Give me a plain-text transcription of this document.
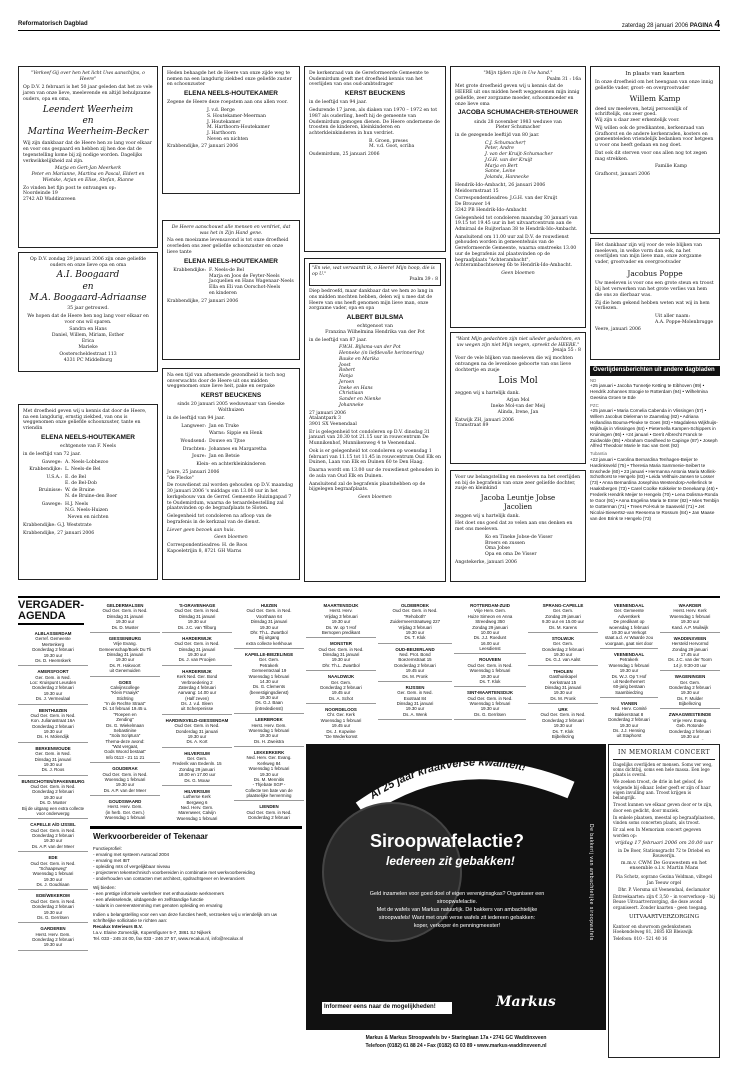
Reformatorisch Dagblad	zaterdag 28 januari 2006 PAGINA 4
"Verkeef Gij over hen het licht Uws aanschijns, o Heere"
Op D.V. 2 februari is het 50 jaar geleden dat het zo vele jaren van onze lieve, meelevende en altijd behulpzame ouders, opa en oma,
Leendert Weerheim
en
Martina Weerheim-Becker
Wij zijn dankbaar dat de Heere hen zo lang voor elkaar en voor ons gespaard en hebben zij hen doe dat de tegenstelling kome bij zij nodige worden. Dagelijks verkwikkelijkheid zal zijn.
Marja en Gert-Jan Meerkerk
Peter en Marianne, Martina en Pascal, Eldert en Wietske, Arjan en Elise, Stefan, Rianne
Zo vinden het fijn post te ontvangen op:
Noordeinde 19
2742 AD Waddinxveen
Op D.V. zondag 29 januari 2006 zijn onze geliefde ouders en onze lieve opa en oma
A.I. Boogaard
en
M.A. Boogaard-Adriaanse
35 jaar getrouwd.
We hopen dat de Heere hen nog lang voor elkaar en voor ons wil sparen.
Sandra en Hans
Daniel, Willem, Miriam, Esther
Erica
Marieke
Oosterscheldestraat 113
4331 PC Middelburg
Met droefheid geven wij u kennis dat door de Heere, na een langdurig, ernstig ziekbed, van ons is weggenomen onze geliefde schoonzuster, tante en vriendin
ELENA NEELS-HOUTEKAMER
echtgenote van F. Neels
in de leeftijd van 72 jaar.
Gawege: A. Neels-Lobbezoo
Krabbendijke: L. Neels-de Bel
U.S.A.: E. de Bel
E. de Bel-Dob
Bruinisse: W. de Bruine
N. de Bruine-den Boer
Gawege: H.J. Neels
N.G. Neels-Huizen
Neven en nichten
Krabbendijke: G.J. Weststrate
Krabbendijke, 27 januari 2006
Heden behaagde het de Heere van onze zijde weg te nemen na een langdurig ziekbed onze geliefde zuster en schoonzuster
ELENA NEELS-HOUTEKAMER
Zegene de Heere deze roepstem aan ons allen voor.
J. v.d. Berge
S. Houtekamer-Meerman
J. Houtekamer
M. Harthoorn-Houtekamer
J. Harthoorn
Neven en nichten
Krabbendijke, 27 januari 2006
De Heere aanschouwt alle mensen en verdriet, dat was het in Zijn Hand gene.
Na een moeizame levensavond is tot onze droefheid overleden ons zeer geliefde schoonzuster en onze lieve tante
ELENA NEELS-HOUTEKAMER
Krabbendijke: F. Neels-de Bel
Marja en Joos de Feyter-Neels
Jacquelien en Hans Wagenaar-Neels
Ella en Eli van Oorschot-Neels
en kinderen
Krabbendijke, 27 januari 2006
Na een tijd van afnemende gezondheid is toch nog onverwachts door de Heere uit ons midden weggenomen onze lieve heit, pake en oerpake
KERST BEUCKENS
sinds 20 januari 2005 weduwnaar van Geeske Wolthuizen
in de leeftijd van 94 jaar.
Langweer: Jan en Truke
Warns: Sippie en Henk
Woudsend: Douwe en Tjtse
Drachten: Johannes en Margaretha
Joure: Jan en Betsie
Klein- en achterkleinkinderen
Joure, 25 januari 2006
"de Flecke"
De rouwdienst zal worden gehouden op D.V. maandag 30 januari 2006 's middags om 13.00 uur in het kerkgebouw van de Gerref. Gemeente Huizingapad 7 te Oudemirdum, waarna de teraardebestelling zal plaatsvinden op de begraafplaats te Sloten.
Gelegenheid tot condoleren na afloop van de begrafenis in de kerkzaal van de dienst.
Liever geen bezoek aan huis.
Geen bloemen
Correspondentieadres: H. de Roos
Kapoeletrijin 8, 8721 GH Warns
De kerkenraad van de Gereformeerde Gemeente te Oudemirdum geeft met droefheid kennis van het overlijden van ons oud-ambtsdrager
KERST BEUCKENS
in de leeftijd van 94 jaar.
Gedurende 17 jaren, als diaken van 1970 – 1972 en tot 1987 als ouderling, heeft hij de gemeente van Oudemirdum gemogen dienen. De Heere onderneme de troosten de kinderen, kleinkinderen en achterkleinkinderen in hun verdriet.
B. Groen, preses
M. v.d. Goot, scriba
Oudemirdum, 25 januari 2006
"En wie, wat vervaardt ik, o Heere! Mijn hoop, die is op U."
Psalm 39 : 8
Diep bedroefd, maar dankbaar dat we hem zo lang in ons midden mochten hebben, delen wij u mee dat de Heere van ons heeft genomen mijn lieve man, onze zorgzame vader, opa en opa
ALBERT BIJLSMA
echtgenoot van
Franzina Wilhelmina Hendrika van der Pot
in de leeftijd van 87 jaar.
F.W.H. Bijlsma-van der Pot
Henneke (in liefdevolle herinnering)
Bauke en Marika
Joost
Robert
Nanja
Jeroen
Ineke en Hans
Christiaan
Sander en Nienke
Johanneke
27 januari 2006
Atalantpark 3
3901 SX Veenendaal
Er is gelegenheid tot condoleren op D.V. dinsdag 31 januari van 20.30 tot 21.15 uur in rouwcentrum De Munnikenhof, Munnikenweg 4 te Veenendaal.
Ook is er gelegenheid tot condoleren op woensdag 1 februari van 11.15 tot 11.45 in rouwcentrum Oud Elk en Duinen, Laan van Elk en Duinen 60 te Den Haag.
Daarna wordt om 13.00 uur de rouwdienst gehouden in de aula van Oud Elk en Duinen.
Aansluitend zal de begrafenis plaatshebben op de bijgelegen begraafplaats.
Geen bloemen
"Mijn tijden zijn in Uw hand."
Psalm 31 : 16a
Met grote droefheid geven wij u kennis dat de HEERE uit ons midden heeft weggenomen mijn innig geliefde, zeer zorgzame moeder, schoonmoeder en onze lieve oma
JACOBA SCHUMACHER-STEHOUWER
sinds 28 november 1983 weduwe van
Pieter Schumacher
in de gezegende leeftijd van 80 jaar.
C.J. Schumacher†
Peter, Andre
J. van der Kruijt-Schumacher
J.G.H. van der Kruijt
Marja en Bert
Sanne, Leine
Jolanda, Hannecke
Hendrik-Ido-Ambacht, 26 januari 2006
Meidoornstraat 15
Correspondentieadres: J.G.H. van der Kruijt
De Brouwer 14
3342 PB Hendrik-Ido-Ambacht
Gelegenheid tot condoleren maandag 30 januari van 19.15 tot 19.45 uur in het uitvaartcentrum aan de Admiraal de Ruijterlaan 38 te Hendrik-Ido-Ambacht.
Aansluitend om 11.00 uur zal D.V. de rouwdienst gehouden worden in gemeentehuis van de Gereformeerde Gemeente, waarna omstreeks 13.00 uur de begrafenis zal plaatsvinden op de begraafplaats "Achterambacht", Achterambachtseweg 6b te Hendrik-Ido-Ambacht.
Geen bloemen
"Want Mijn gedachten zijn niet ulieder gedachten, en uw wegen zijn niet Mijn wegen, spreekt de HEERE."
Jesaja 55 : 8
Voor de vele blijken van meeleven die wij mochten ontvangen na de levenlose geboorte van ons lieve dochtertje en zusje
Lois Mol
zeggen wij u hartelijk dank.
Arjan Mol
Ineke Mol-van der Meij
Alinda, Irene, Jan
Katwijk ZH, januari 2006
Tramstraat 89
Voor uw belangstelling en meeleven na het overlijden en bij de begrafenis van onze zeer geliefde dochter, zusje en kleinkind
Jacoba Leuntje Jobse
Jacolien
zeggen wij u hartelijk dank.
Het doet ons goed dat zo velen aan ons denken en met ons meeleven.
Ko en Tineke Jobse-de Visser
Broers en zussen
Oma Jobse
Opa en oma De Visser
Angstekerke, januari 2006
In plaats van kaarten
In onze droefheid om het heengaan van onze innig geliefde vader, groot- en overgrootvader
Willem Kamp
deed uw meeleven, hetzij persoonlijk of schriftelijk, ons zeer goed.
Wij zijn u daar zeer erkentelijk voor.
Wij willen ook de predikanten, kerkenraad van Grafhorst en de andere kerkenraden, kosters en gemeenteleden vriendelijk bedanken voor hetgeen u voor ons heeft gedaan en nog doet.
Dat ook dit sterven voor ons allen nog tot zegen mag strekken.
Familie Kamp
Grafhorst, januari 2006
Het dankbaar zijn wij voor de vele blijken van meeleven, in welke vorm dan ook, na het overlijden van mijn lieve man, onze zorgzame vader, grootvader en overgrootvader
Jacobus Poppe
Uw meeleven is voor ons een grote steun en troost bij het verwerken van het grote verlies van hem die ons zo dierbaar was.
Zij die hem gekend hebben weten wat wij in hem verliezen.
Uit aller naam:
A.A. Poppe-Molenbrugge
Veere, januari 2006
Overlijdensberichten uit andere dagbladen
ND
+25 januari • Jacoba Tunnetje Ketting te Eibhoven (89) • Hendrik Johannes Stoogie te Rotterdam (94) • Wilhelmina Geesina Groen te Ede
PZC
+25 januari • Maria Cornelia Cabenda in Vlissingen (57) • Willem Jacobus Dieleman te Zaamslag (82) • Adriana Hollandina Bouma-Pleuke te Goes (83) • Magdalena Wijkhuijs-Wijkhuijs in Vlissingen (84) • Pieternella Kampen-Schippers in Kruiningen (86) • +24 januari • Gerrit Albrecht Franck te Zuidwolde (85) • Abraham Goedheed te Capinge (87) • Joseph Alfred Theodoor Marie le Sac van Gent (92)
Tubantia
+22 januari • Carolina Bernardina Tenhagen-Beijer te Hardinksveld (75) • Theresia Maria Sammenie-Seibert te Enschede (60) • 23 januari • Hermanna Antonia Maria Mollink-Schothorst te Hengelo (83) • Leida Velthuis-Jansen te Losser (73) • Anna Bernardina Josephina Westendorp-Aellerlinck te Haaksbergen (73) • Carel Coolke Kokkeler te Denekamp (46) • Frederik Hendrik Meijer te Hengelo (70) • Lena Dolisma-Ronda te Goor (91) • Anna Engelina Maria te Enter (82) • Mies Tembijn te Gotterman (71) • Trees Pol-Kuk te Saasveld (71) • Jet Nicolai-Siewertsz-van Reesema te Rossum (84) • Jan Maase van den Brink te Hengelo (73)
VERGADER-AGENDA
ALBLASSERDAM
Gerref. Gemeente
Mertenkerg
Donderdag 2 februari
19.30 uur
Ds. D. Heemskerk
AMERSFOORT
Ger. Gem. in Ned.
Loc: Kruispunt Leusden
Donderdag 2 februari
19.30 uur
Ds. J. Vermeulaal
BENTHUIZEN
Oud Ger. Gem. in Ned.
Kon. Julianastraat 16A
Donderdag 2 februari
19.30 uur
Ds. H. Molendijk
BERKENWOUDE
Ger. Gem. in Ned.
Dinsdag 31 januari
19.30 uur
Ds. J. Roos
BUNSCHOTEN/SPAKENBURG
Oud Ger. Gem. in Ned.
Donderdag 2 februari
19.30 uur
Ds. D. Muster
Bij de uitgang een extra collecte voor onderwerpg
CAPELLE A/D IJSSEL
Oud Ger. Gem. in Ned.
Donderdag 2 februari
19.30 uur
Ds. A.P. van der Meer
EDE
Oud Ger. Gem. in Ned.
"Schaapsweg"
Woensdag 1 februari
19.30 uur
Ds. J. Goudriaan
EDE/WEKEROM
Oud Ger. Gem. in Ned.
Donderdag 2 februari
19.30 uur
Ds. G. Gerritsen
GARDEREN
Herst. Herv. Gem.
Donderdag 2 februari
19.30 uur
GELDERMALSEN
Oud Ger. Gem. in Ned.
Dinsdag 31 januari
19.30 uur
Ds. D. Muster
GIESSENBURG
Vrije Evang.
Gemeenschap/Boek Du Tli
Dinsdag 31 januari
19.30 uur
Ds. R. Hakvoort
uit Genemuiden
GOES
Calvijnscollege
"Klein Fraaiyk"
Stichting
"In de Rechte Straat"
Di. 14 februari 19.45 u.
"Roepen en
Zending"
Ds. G. Wiekelmaan
Sebastinine
"Sola Scriptura"
Thema-deze avond:
"Wat vergaat,
Gods Woord bestaat"
Info 0113 - 21 11 21
GOUDERAK
Oud Ger. Gem. in Ned.
Woensdag 1 februari
19.30 uur
Ds. A.P. van der Meer
GOUDSWAARD
Herst. Herv. Gem.
(in herb. Ger. Gem.)
Woensdag 1 februari

'S-GRAVENHAGE
Oud Ger. Gem. in Ned.
Dinsdag 31 januari
19.30 uur
Ds. J.C. van Tilburg
HARDERWIJK
Oud Ger. Gem. in Ned.
Dinsdag 31 januari
19.30 uur
Ds. J. van Prooijen
HARDERWIJK
Kerk Ned. Ger. Bond
Verbroedering 2
Zaterdag 4 februari
Aanvang: 14.00 uur
(Half zeven)
Ds. J. v.d. Sleen
uit Scherpenisse
HARDINXVELD-GIESSENDAM
Oud Ger. Gem. in Ned.
Donderdag 31 januari
19.30 uur
Ds. A. Kort
HILVERSUM
Ger. Gem.
Frederik van Eedenln. 15
Zondag 29 januari
18.00 en 17.00 uur
Ds. G. Mouw
HILVERSUM
Lutherse Kerk
Bergweg 6
Ned. Herv. Gem.
Marenweer, Calvijn
Woensdag 1 februari

HUIZEN
Oud Ger. Gem. in Ned.
Voorthaan 64
Dinsdag 31 januari
19.30 uur
Dhr. Th.L. Zwartbol
Bij uitgang
extra collecte kerkhouw
KAPELLE-BIEZELINGE
Ger. Gem.
Petrakerk
Gemeentezaal 19
Woensdag 1 februari
14.30 uur
Ds. G. Clements
(bevestigingsdienst)
19.30 uur
Ds. G.J. Baan
(intrededienst)
LEERBROEK
Herst. Herv. Gem.
Woensdag 1 februari
19.30 uur
Ds. H. Zweistra
LEKKERKERK
Ned. Herv. Ger. Evang.
Kerkweg 84
Woensdag 1 februari
19.30 uur
Ds. M. Mennitis
- Thjebate SGP -
Collecte ten bate van de plaatselijke herverming
LIENDEN
Oud Ger. Gem. in Ned.
Donderdag 2 februari

MAARTENSDIJK
Herst. Herv.
Vrijdag 3 februari
19.30 uur
Ds. W. op 't Hof
Bernopen predikant
MONSTER
Oud Ger. Gem. in Ned.
Dinsdag 31 januari
19.30 uur
Dhr. Th.L. Zwartbol
NAALDWIJK
Ger. Gem.
Donderdag 2 februari
19.45 uur
Ds. A. Schot
NOORDELOOS
Chr. Ger. Kerk
Woensdag 1 februari
19.45 uur
Ds. J. Kopwine
"De Wederkomst

OLDEBROEK
Oud Ger. Gem. in Ned.
"Rehoboth"
Zuidermeerstraatweg 227
Vrijdag 3 februari
19.30 uur
Ds. T. Klok
OUD-BEIJERLAND
Ned. Prot. Bond
Boezemstraat 15
Donderdag 2 februari
19.45 uur
Ds. M. Pronk
RIJSSEN
Ger. Gem. in Ned.
Exotraat 84
Dinsdag 31 januari
19.30 uur
Ds. A. Wenk
ROTTERDAM-ZUID
Vrije Herv. Gem.
Huize Simeon en Anna
Streedweg 350
Zondag 29 januari
10.00 uur
Ds. J.J. Roedunt
16.00 uur
Leesdienst
ROUVEEN
Oud Ger. Gem. in Ned.
Woensdag 1 februari
19.30 uur
Ds. T. Klok
SINT-MAARTENSDIJK
Oud Ger. Gem. in Ned.
Woensdag 1 februari
19.30 uur
Ds. G. Gerritsen
SPRANG-CAPELLE
Ger. Gem.
Zondag 29 januari
9.30 uur en 15.00 uur
Ds. M. Karens
STOLWIJK
Ger. Gem.
Donderdag 2 februari
19.30 uur
Ds. G.J. van Aalst
TIHOLEN
Gasthuiskapel
Kerkstraat 15
Dinsdag 31 januari
19.30 uur
Ds. M. Pronk
URK
Oud Ger. Gem. in Ned.
Donderdag 2 februari
19.30 uur
Ds. T. Klok
Bijbellezing
VEENENDAAL
Ger. Gemeente
Adventkerk
De predikant op
woensdag 1 februari
19.30 uur Verkopt
staat a.d. Ar Waarde zou
voorgaan, gaat niet door
VEENENDAAL
Petrakerk
Woensdag 1 februari
19.30 uur
Ds. W.J. Op 't Hof
uit Nederhemert
60-jarig bestaan
Saambiedzing
VIANEN
Ned. Herv. Comité
Bakkerstraat 8
Donderdag 2 februari
19.30 uur
Ds. J.J. Hensing
uit Staphorst

WAARDER
Herst. Herv. Kerk
Woensdag 1 februari
19.30 uur
Kand. A.P. Muilwijk
WADDINXVEEN
Hersteld Hervormd
Zondag 29 januari
17.45 uur
Ds. J.C. van der Toorn
14 jr. 9:30-20 uur
WAGENINGEN
Ger. Gem.
Donderdag 2 februari
19.30 uur
Ds. F. Mulder
Bijbellezing
ZWAAGWESTEINDE
Vrije Herv. Evang.
Geb. Rotonde
Donderdag 2 februari
19.30 uur

Werkvoorbereider of Tekenaar
Functieprofiel:
- ervaring met systeem Autocad 2004
- ervaring met IBT
- opleiding mts of vergelijkbaar niveau
- projecteren tekentechnisch voorbereiden in combinatie met werkvoorbereiding
- onderhouden van contacten met architect, opdrachtgever en leveranciers
Wij bieden:
- een prettige informele werksfeer met enthousiaste werknemers
- een afwisselende, uitdagende en zelfstandige functie
- salaris in overeenstemming met genoten opleiding en ervaring
Indien u belangstelling voor een van deze functies heeft, verzoeken wij u vriendelijk om uw schriftelijke sollicitatie te richten aan:
Recalux Interieurs B.V.
t.a.v. Elaine Zomerdijk, Kopersfigurer 5-7, 3861 SJ Nijkerk
Tel. 033 - 245 24 00, fax 033 - 246 27 57, www.recalux.nl, info@recalux.nl
Al 25 jaar kraakverse kwaliteit!
Siroopwafelactie?
ledereen zit gebakken!
Geld inzamelen voor goed doel of eigen vereniginsgkas? Organiseer een siroopwafelactie.
Met de wafels van Markus natuurlijk. Dé bakkers van ambachtelijke siroopwafels! Want met onze verse wafels zit iedereen gebakken:
koper, verkoper én penningmeester!	De bakkerij van ambachtelijke siroopwafels
Informeer eens naar de mogelijkheden!	Markus
Markus & Markus Stroopwafels bv • Staringlaan 17a • 2741 GC Waddinxveen
Telefoon (0182) 61 88 24 • Fax (0182) 63 03 89 • www.markus-waddinxveen.nl
IN MEMORIAM CONCERT
Dagelijks overlijden er mensen. Soms ver weg, soms dichtbij, soms een hele massa. Een lege plaats is overal.
We zoeken troost, de drie in het geloof, de volgende bij elkaar. Ieder geeft er zijn of haar eigen invulling aan. Troost krijgen is belangrijk.
Troost kunnen we elkaar geven door er te zijn, door een gedicht, door muziek.
In enkele plaatsen, meestal op begraafplaatsen, vinden soms concerten plaats, als troost.
Er zal een In Memoriam concert gegeven worden op:
vrijdag 17 februari 2006 om 20.00 uur
in De Boer, Stationsgracht 72 te Driebel en Rouwerijn.
m.m.v. CWM De Gouwestem en het ensemble o.l.v. Martin Mans
Pia Schotz, soprano Gezina Veldman, viltegel Jan Teeuw orgel
Dhr. P. Viersma uit Veenendaal, declamator
Entreekaarten: zijn € 3,50 – in voorverkoop - bij Beuse Uitvaartverzorging, die deze avond organiseert. Zonder kaarten - geen toegang.
UITVAARTVERZORGING
Kantoor en showroom gedenkstenen
Hoekendelweg 81, 2685 KB Bleiswijk
Telefoon: 010 - 521 40 16
